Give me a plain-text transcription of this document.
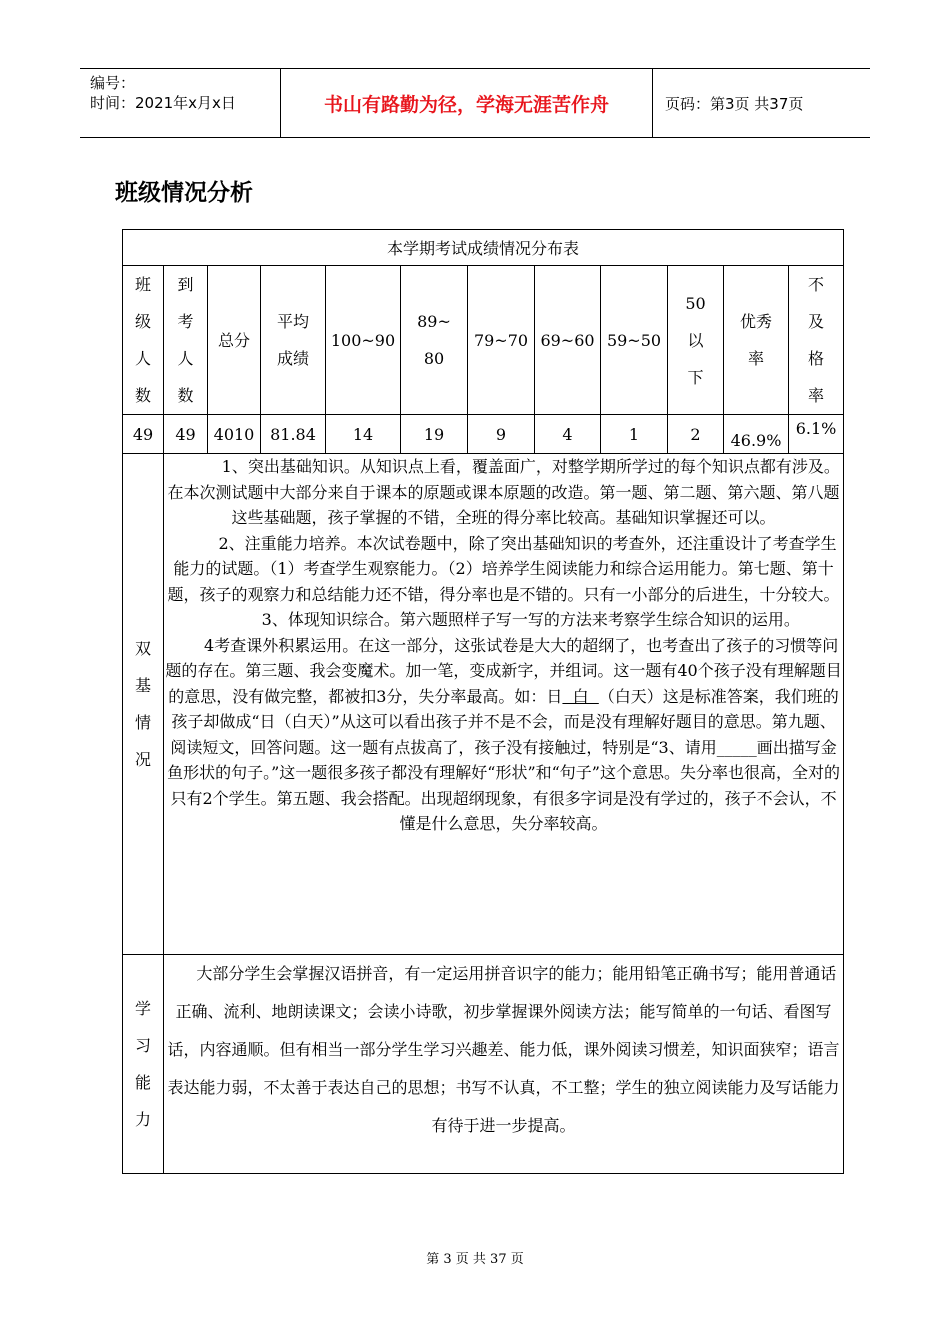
编号：
时间：2021年x月x日	书山有路勤为径，学海无涯苦作舟	页码：第3页 共37页
班级情况分析
本学期考试成绩情况分布表											
班级人数	到考人数	总分	平均成绩	100~90	89~80	79~70	69~60	59~50	50以下	优秀率	不及格率
49	49	4010	81.84	14	19	9	4	1	2	46.9%	6.1%
双基情况	1、突出基础知识。从知识点上看，覆盖面广，对整学期所学过的每个知识点都有涉及。在本次测试题中大部分来自于课本的原题或课本原题的改造。第一题、第二题、第六题、第八题这些基础题，孩子掌握的不错，全班的得分率比较高。基础知识掌握还可以。

2、注重能力培养。本次试卷题中，除了突出基础知识的考查外，还注重设计了考查学生能力的试题。（1）考查学生观察能力。（2）培养学生阅读能力和综合运用能力。第七题、第十题，孩子的观察力和总结能力还不错，得分率也是不错的。只有一小部分的后进生，十分较大。

3、体现知识综合。第六题照样子写一写的方法来考察学生综合知识的运用。

4考查课外积累运用。在这一部分，这张试卷是大大的超纲了，也考查出了孩子的习惯等问题的存在。第三题、我会变魔术。加一笔，变成新字，并组词。这一题有40个孩子没有理解题目的意思，没有做完整，都被扣3分，失分率最高。如：日  白  （白天）这是标准答案，我们班的孩子却做成“日（白天）”从这可以看出孩子并不是不会，而是没有理解好题目的意思。第九题、阅读短文，回答问题。这一题有点拔高了，孩子没有接触过，特别是“3、请用_____画出描写金鱼形状的句子。”这一题很多孩子都没有理解好“形状”和“句子”这个意思。失分率也很高，全对的只有2个学生。第五题、我会搭配。出现超纲现象，有很多字词是没有学过的，孩子不会认，不懂是什么意思，失分率较高。										

学习能力	大部分学生会掌握汉语拼音，有一定运用拼音识字的能力；能用铅笔正确书写；能用普通话正确、流利、地朗读课文；会读小诗歌，初步掌握课外阅读方法；能写简单的一句话、看图写话，内容通顺。但有相当一部分学生学习兴趣差、能力低，课外阅读习惯差，知识面狭窄；语言表达能力弱，不太善于表达自己的思想；书写不认真，不工整；学生的独立阅读能力及写话能力有待于进一步提高。										

第 3 页 共 37 页
